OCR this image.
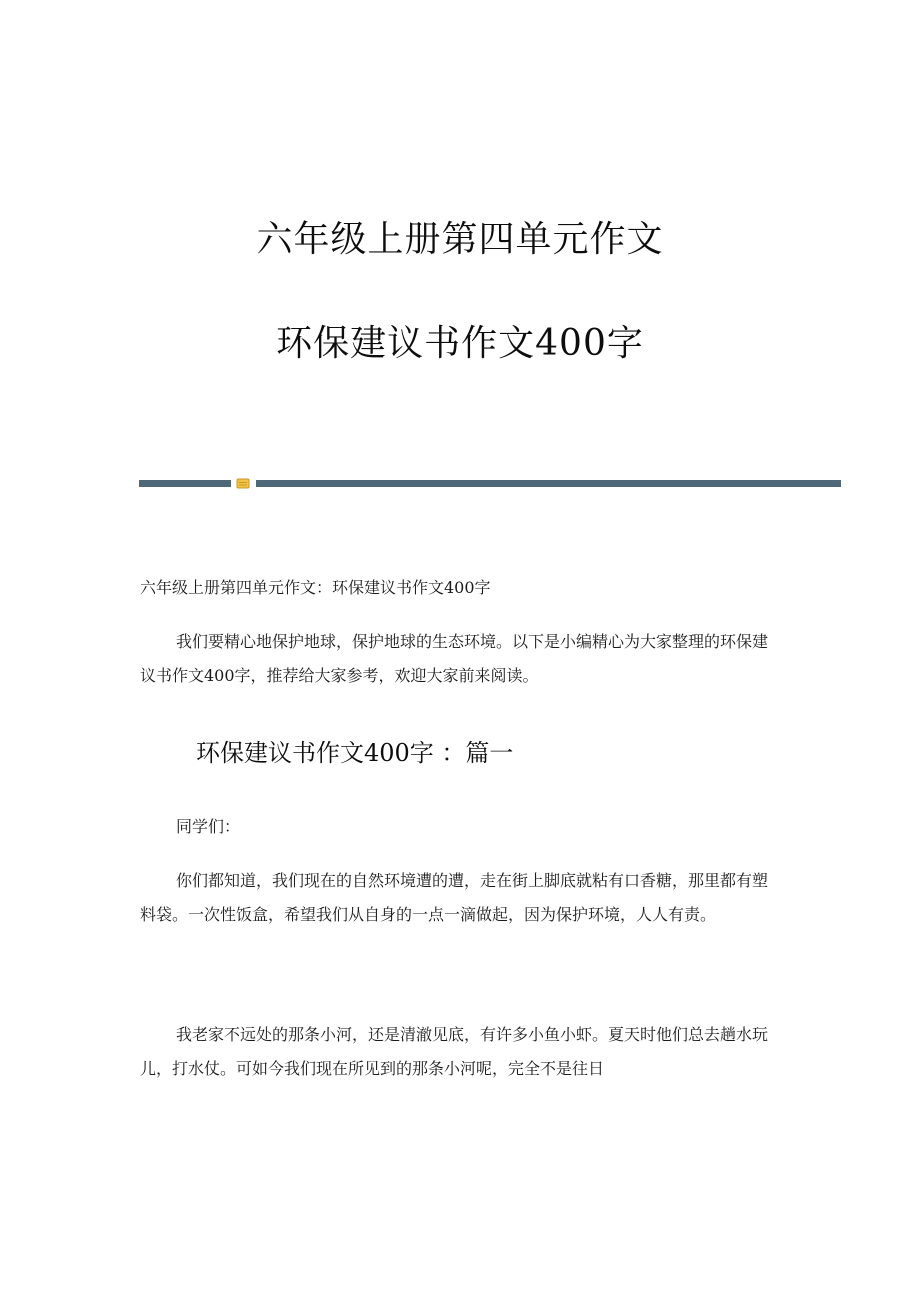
六年级上册第四单元作文
环保建议书作文400字

六年级上册第四单元作文：环保建议书作文400字

我们要精心地保护地球，保护地球的生态环境。以下是小编精心为大家整理的环保建议书作文400字，推荐给大家参考，欢迎大家前来阅读。

环保建议书作文400字 ：篇一

同学们：

你们都知道，我们现在的自然环境遭的遭，走在街上脚底就粘有口香糖，那里都有塑料袋。一次性饭盒，希望我们从自身的一点一滴做起，因为保护环境，人人有责。

我老家不远处的那条小河，还是清澈见底，有许多小鱼小虾。夏天时他们总去趟水玩儿，打水仗。可如今我们现在所见到的那条小河呢，完全不是往日
